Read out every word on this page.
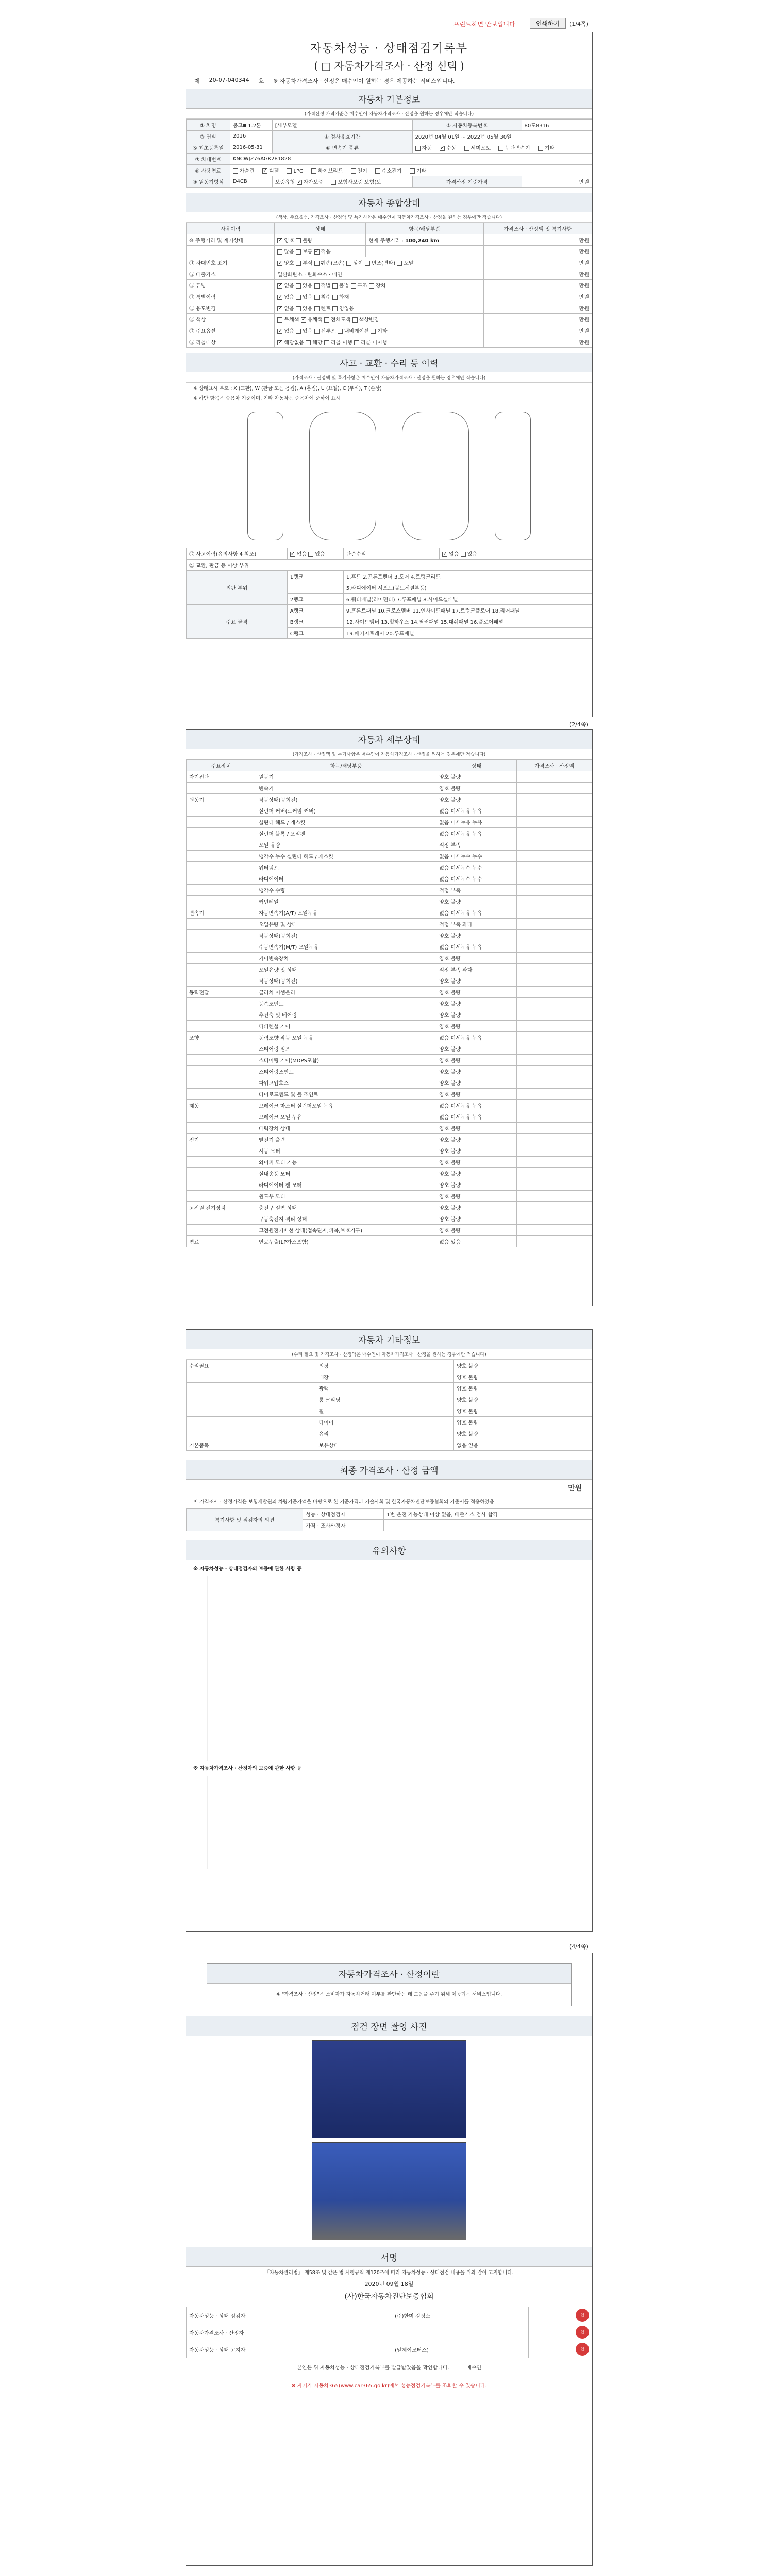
프린트하면 안보입니다	인쇄하기	(1/4쪽)
자동차성능 · 상태점검기록부
( □ 자동차가격조사 · 산정 선택 )
제 20-07-040344 호 ※ 자동차가격조사 · 산정은 매수인이 원하는 경우 제공하는 서비스입니다.
자동차 기본정보
(가격산정 가격기준은 매수인이 자동차가격조사 · 산정을 원하는 경우에만 적습니다)
① 차명	봉고Ⅲ 1.2톤	[세부모델	② 자동차등록번호	80도8316
③ 연식	2016	④ 검사유효기간	2020년 04월 01일 ~ 2022년 05월 30일	
⑤ 최초등록일	2016-05-31	⑥ 변속기 종류	자동 ✓ 수동 세미오토 무단변속기 기타
⑦ 차대번호	KNCWJZ76AGK281828			
⑧ 사용연료	가솔린 ✓ 디젤 LPG 하이브리드 전기 수소전기 기타
⑨ 원동기형식	D4CB	보증유형 ✓ 자가보증 보험사보증 보험(보	가격산정 기준가격	만원
자동차 종합상태
(색상, 주요옵션, 가격조사 · 산정액 및 특기사항은 매수인이 자동차가격조사 · 산정을 원하는 경우에만 적습니다)
사용이력	상태	항목/해당부품	가격조사 · 산정액 및 특기사항
⑩ 주행거리 및 계기상태	✓양호 불량	현재 주행거리 : 100,240 km	만원
	많음 보통 ✓ 적음		만원
⑪ 차대번호 표기	✓양호 부식 훼손(오손) 상이 변조(변타) 도말		만원
⑫ 배출가스	일산화탄소 · 탄화수소 · 매연		만원
⑬ 튜닝	✓없음 있음 적법 불법 구조 장치		만원
⑭ 특별이력	✓없음 있음 침수 화재		만원
⑮ 용도변경	✓없음 있음 렌트 영업용		만원
⑯ 색상	무채색 ✓ 유채색 전체도색 색상변경		만원
⑰ 주요옵션	✓없음 있음 선루프 내비게이션 기타		만원
⑱ 리콜대상	✓해당없음 해당 리콜 이행 리콜 미이행		만원
사고 · 교환 · 수리 등 이력
(가격조사 · 산정액 및 특기사항은 매수인이 자동차가격조사 · 산정을 원하는 경우에만 적습니다)

※ 상태표시 부호 : X (교환), W (판금 또는 용접), A (흠집), U (요철), C (부식), T (손상)

※ 하단 항목은 승용차 기준이며, 기타 자동차는 승용차에 준하여 표시

⑲ 사고이력(유의사항 4 참조)	✓없음 있음	단순수리	✓없음 있음
⑳ 교환, 판금 등 이상 부위			
외판 부위	1랭크	1.후드 2.프론트펜더 3.도어 4.트렁크리드	
		5.라디에이터 서포트(볼트체결부품)	
	2랭크	6.쿼터패널(리어펜더) 7.루프패널 8.사이드실패널	
주요 골격	A랭크	9.프론트패널 10.크로스멤버 11.인사이드패널 17.트렁크플로어 18.리어패널	
	B랭크	12.사이드멤버 13.휠하우스 14.필러패널 15.대쉬패널 16.플로어패널	
	C랭크	19.패키지트레이 20.루프패널	
(2/4쪽)
자동차 세부상태
(가격조사 · 산정액 및 특기사항은 매수인이 자동차가격조사 · 산정을 원하는 경우에만 적습니다)
주요장치	항목/해당부품	상태	가격조사 · 산정액
자기진단	원동기	양호 불량	
	변속기	양호 불량	
원동기	작동상태(공회전)	양호 불량	
	실린더 커버(로커암 커버)	없음 미세누유 누유	
	실린더 헤드 / 개스킷	없음 미세누유 누유	
	실린더 블록 / 오일팬	없음 미세누유 누유	
	오일 유량	적정 부족	
	냉각수 누수 실린더 헤드 / 개스킷	없음 미세누수 누수	
	워터펌프	없음 미세누수 누수	
	라디에이터	없음 미세누수 누수	
	냉각수 수량	적정 부족	
	커먼레일	양호 불량	
변속기	자동변속기(A/T) 오일누유	없음 미세누유 누유	
	오일유량 및 상태	적정 부족 과다	
	작동상태(공회전)	양호 불량	
	수동변속기(M/T) 오일누유	없음 미세누유 누유	
	기어변속장치	양호 불량	
	오일유량 및 상태	적정 부족 과다	
	작동상태(공회전)	양호 불량	
동력전달	클러치 어셈블리	양호 불량	
	등속조인트	양호 불량	
	추진축 및 베어링	양호 불량	
	디퍼렌셜 기어	양호 불량	
조향	동력조향 작동 오일 누유	없음 미세누유 누유	
	스티어링 펌프	양호 불량	
	스티어링 기어(MDPS포함)	양호 불량	
	스티어링조인트	양호 불량	
	파워고압호스	양호 불량	
	타이로드엔드 및 볼 조인트	양호 불량	
제동	브레이크 마스터 실린더오일 누유	없음 미세누유 누유	
	브레이크 오일 누유	없음 미세누유 누유	
	배력장치 상태	양호 불량	
전기	발전기 출력	양호 불량	
	시동 모터	양호 불량	
	와이퍼 모터 기능	양호 불량	
	실내송풍 모터	양호 불량	
	라디에이터 팬 모터	양호 불량	
	윈도우 모터	양호 불량	
고전원 전기장치	충전구 절연 상태	양호 불량	
	구동축전지 격리 상태	양호 불량	
	고전원전기배선 상태(접속단자,피복,보호기구)	양호 불량	
연료	연료누출(LP가스포함)	없음 있음	
자동차 기타정보
(수리 필요 및 가격조사 · 산정액은 매수인이 자동차가격조사 · 산정을 원하는 경우에만 적습니다)
수리필요	외장	양호 불량
	내장	양호 불량
	광택	양호 불량
	룸 크리닝	양호 불량
	휠	양호 불량
	타이어	양호 불량
	유리	양호 불량
기본품목	보유상태	없음 있음
최종 가격조사 · 산정 금액
만원

이 가격조사 · 산정가격은 보험개발원의 차량기준가액을 바탕으로 한 기준가격과 기술사회 및 한국자동차진단보증협회의 기준서를 적용하였음

특기사항 및 점검자의 의견	성능 · 상태점검자	1번 운전 가능상태 이상 없음, 배출가스 검사 합격
	가격 · 조사산정자	
유의사항

※ 자동차성능 · 상태점검자의 보증에 관한 사항 등

※ 자동차가격조사 · 산정자의 보증에 관한 사항 등

(4/4쪽)
자동차가격조사 · 산정이란

※ "가격조사 · 산정"은 소비자가 자동차거래 여부를 판단하는 데 도움을 주기 위해 제공되는 서비스입니다.

점검 장면 촬영 사진
서명

「자동차관리법」 제58조 및 같은 법 시행규칙 제120조에 따라 자동차성능 · 상태점검 내용을 위와 같이 고지합니다.

2020년 09월 18일
(사)한국자동차진단보증협회
자동차성능 · 상태 점검자	(주)한미 검정소	인
자동차가격조사 · 산정자		인
자동차성능 · 상태 고지자	(알제이모터스)	인
본인은 위 자동차성능 · 상태점검기록부를 발급받았음을 확인합니다.	매수인
※ 자기가 자동차365(www.car365.go.kr)에서 성능점검기록부를 조회할 수 있습니다.
